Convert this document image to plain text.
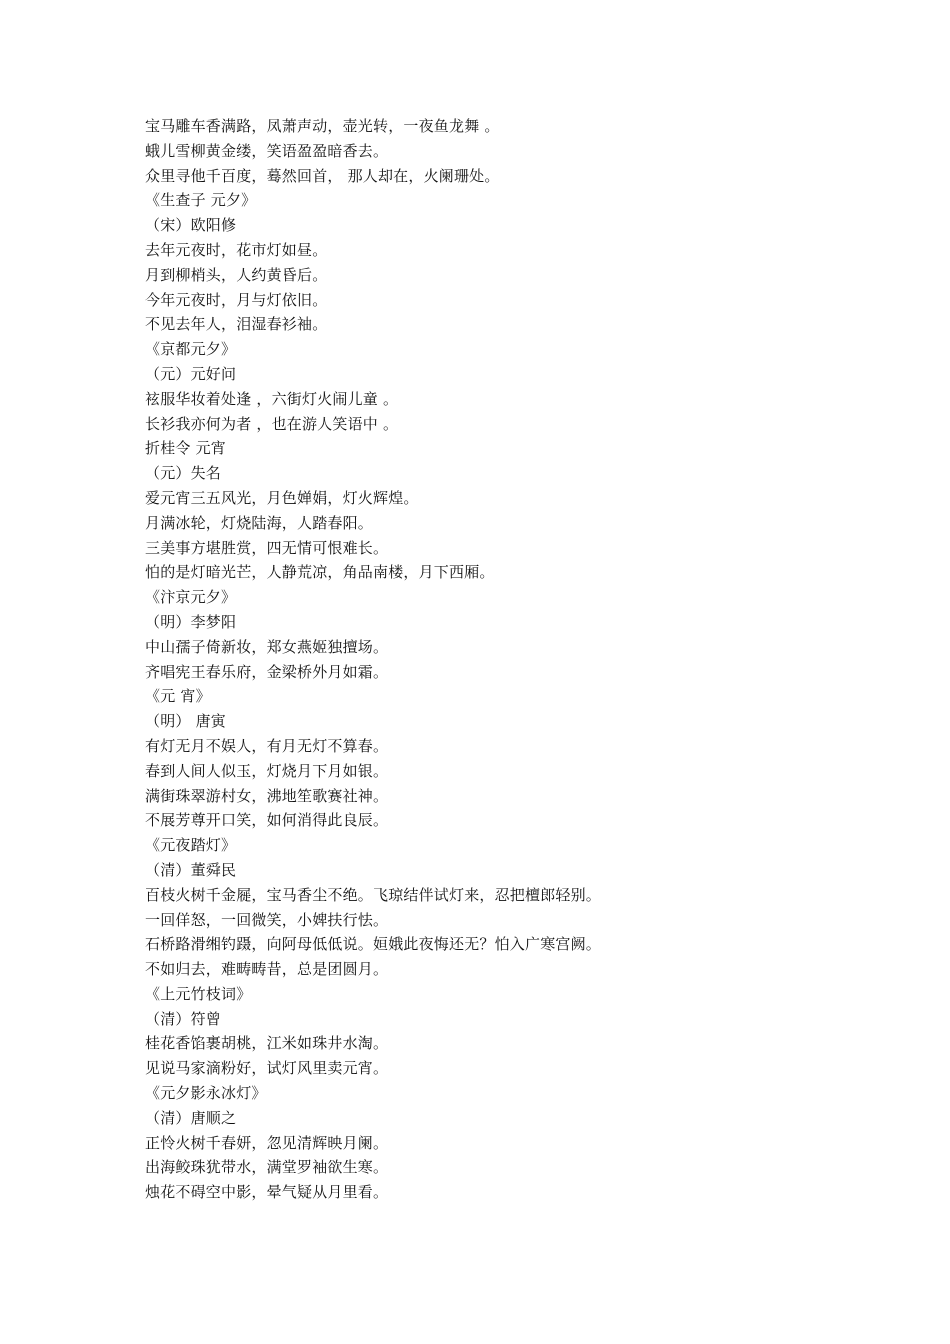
宝马雕车香满路，凤萧声动，壶光转，一夜鱼龙舞 。
蛾儿雪柳黄金缕，笑语盈盈暗香去。
众里寻他千百度，蓦然回首， 那人却在，火阑珊处。
《生查子 元夕》
（宋）欧阳修
去年元夜时，花市灯如昼。
月到柳梢头，人约黄昏后。
今年元夜时，月与灯依旧。
不见去年人，泪湿春衫袖。
《京都元夕》
（元）元好问
袨服华妆着处逢 ，六街灯火闹儿童 。
长衫我亦何为者 ，也在游人笑语中 。
折桂令 元宵
（元）失名
爱元宵三五风光，月色婵娟，灯火辉煌。
月满冰轮，灯烧陆海，人踏春阳。
三美事方堪胜赏，四无情可恨难长。
怕的是灯暗光芒，人静荒凉，角品南楼，月下西厢。
《汴京元夕》
（明）李梦阳
中山孺子倚新妆，郑女燕姬独擅场。
齐唱宪王春乐府，金梁桥外月如霜。
《元 宵》
（明） 唐寅
有灯无月不娱人，有月无灯不算春。
春到人间人似玉，灯烧月下月如银。
满街珠翠游村女，沸地笙歌赛社神。
不展芳尊开口笑，如何消得此良辰。
《元夜踏灯》
（清）董舜民
百枝火树千金屣，宝马香尘不绝。飞琼结伴试灯来，忍把檀郎轻别。
一回佯怒，一回微笑，小婢扶行怯。
石桥路滑缃钓蹑，向阿母低低说。姮娥此夜悔还无？怕入广寒宫阙。
不如归去，难畴畴昔，总是团圆月。
《上元竹枝词》
（清）符曾
桂花香馅裹胡桃，江米如珠井水淘。
见说马家滴粉好，试灯风里卖元宵。
《元夕影永冰灯》
（清）唐顺之
正怜火树千春妍，忽见清辉映月阑。
出海鲛珠犹带水，满堂罗袖欲生寒。
烛花不碍空中影，晕气疑从月里看。
